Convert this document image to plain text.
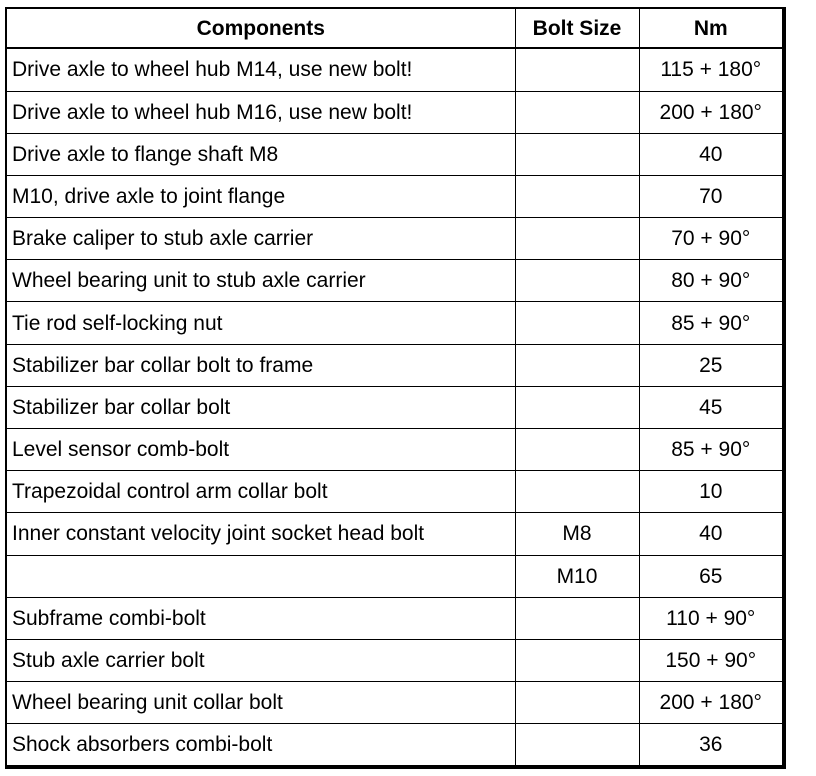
Components	Bolt Size	Nm
Drive axle to wheel hub M14, use new bolt!		115 + 180°
Drive axle to wheel hub M16, use new bolt!		200 + 180°
Drive axle to flange shaft M8		40
M10, drive axle to joint flange		70
Brake caliper to stub axle carrier		70 + 90°
Wheel bearing unit to stub axle carrier		80 + 90°
Tie rod self-locking nut		85 + 90°
Stabilizer bar collar bolt to frame		25
Stabilizer bar collar bolt		45
Level sensor comb-bolt		85 + 90°
Trapezoidal control arm collar bolt		10
Inner constant velocity joint socket head bolt	M8	40
	M10	65
Subframe combi-bolt		110 + 90°
Stub axle carrier bolt		150 + 90°
Wheel bearing unit collar bolt		200 + 180°
Shock absorbers combi-bolt		36
